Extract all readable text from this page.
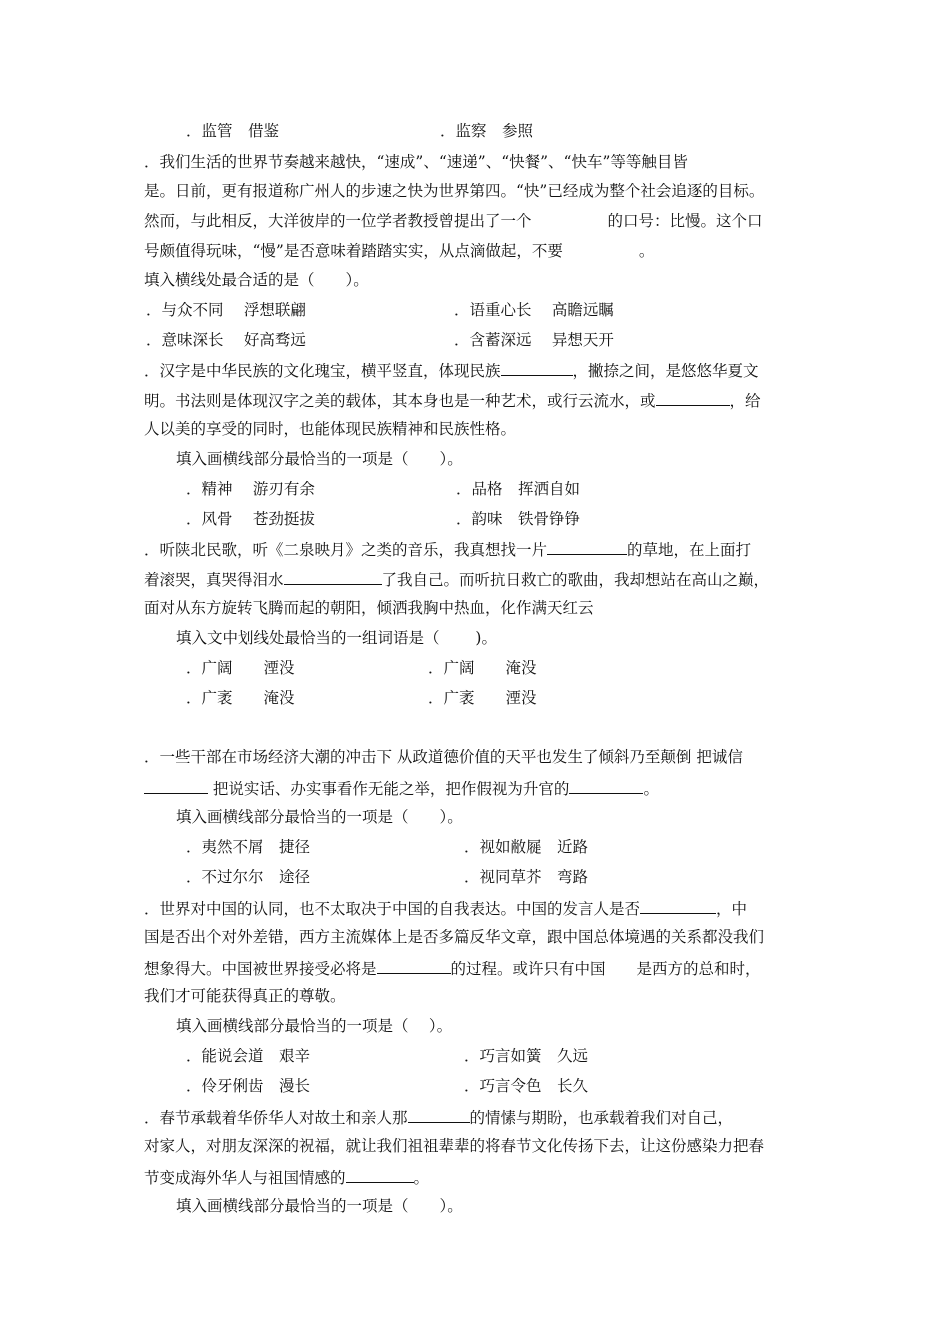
．监管　借鉴	．监察　参照
．我们生活的世界节奏越来越快，“速成”、“速递”、“快餐”、“快车”等等触目皆
是。日前，更有报道称广州人的步速之快为世界第四。“快”已经成为整个社会追逐的目标。
然而，与此相反，大洋彼岸的一位学者教授曾提出了一个	的口号：比慢。这个口
号颇值得玩味，“慢”是否意味着踏踏实实，从点滴做起，不要	。
填入横线处最合适的是（　　）。
．与众不同　 浮想联翩	．语重心长　 高瞻远瞩
．意味深长　 好高骛远	．含蓄深远　 异想天开
．汉字是中华民族的文化瑰宝，横平竖直，体现民族	，撇捺之间，是悠悠华夏文
明。书法则是体现汉字之美的载体，其本身也是一种艺术，或行云流水，或	，给
人以美的享受的同时，也能体现民族精神和民族性格。
填入画横线部分最恰当的一项是（　　）。
．精神　 游刃有余	．品格　挥洒自如
．风骨　 苍劲挺拔	．韵味　铁骨铮铮
．听陕北民歌，听《二泉映月》之类的音乐，我真想找一片	的草地，在上面打
着滚哭，真哭得泪水	了我自己。而听抗日救亡的歌曲，我却想站在高山之巅，
面对从东方旋转飞腾而起的朝阳，倾洒我胸中热血，化作满天红云
填入文中划线处最恰当的一组词语是（　　 )。
．广阔　　湮没	．广阔　　淹没
．广袤　　淹没	．广袤　　湮没
．一些干部在市场经济大潮的冲击下 从政道德价值的天平也发生了倾斜乃至颠倒 把诚信
把说实话、办实事看作无能之举，把作假视为升官的	。
填入画横线部分最恰当的一项是（　　）。
．夷然不屑　捷径	．视如敝屣　近路
．不过尔尔　途径	．视同草芥　弯路
．世界对中国的认同，也不太取决于中国的自我表达。中国的发言人是否	，中
国是否出个对外差错，西方主流媒体上是否多篇反华文章，跟中国总体境遇的关系都没我们
想象得大。中国被世界接受必将是	的过程。或许只有中国　　是西方的总和时，
我们才可能获得真正的尊敬。
填入画横线部分最恰当的一项是（　 ）。
．能说会道　艰辛	．巧言如簧　久远
．伶牙俐齿　漫长	．巧言令色　长久
．春节承载着华侨华人对故土和亲人那	的情愫与期盼，也承载着我们对自己，
对家人，对朋友深深的祝福，就让我们祖祖辈辈的将春节文化传扬下去，让这份感染力把春
节变成海外华人与祖国情感的	。
填入画横线部分最恰当的一项是（　　）。
